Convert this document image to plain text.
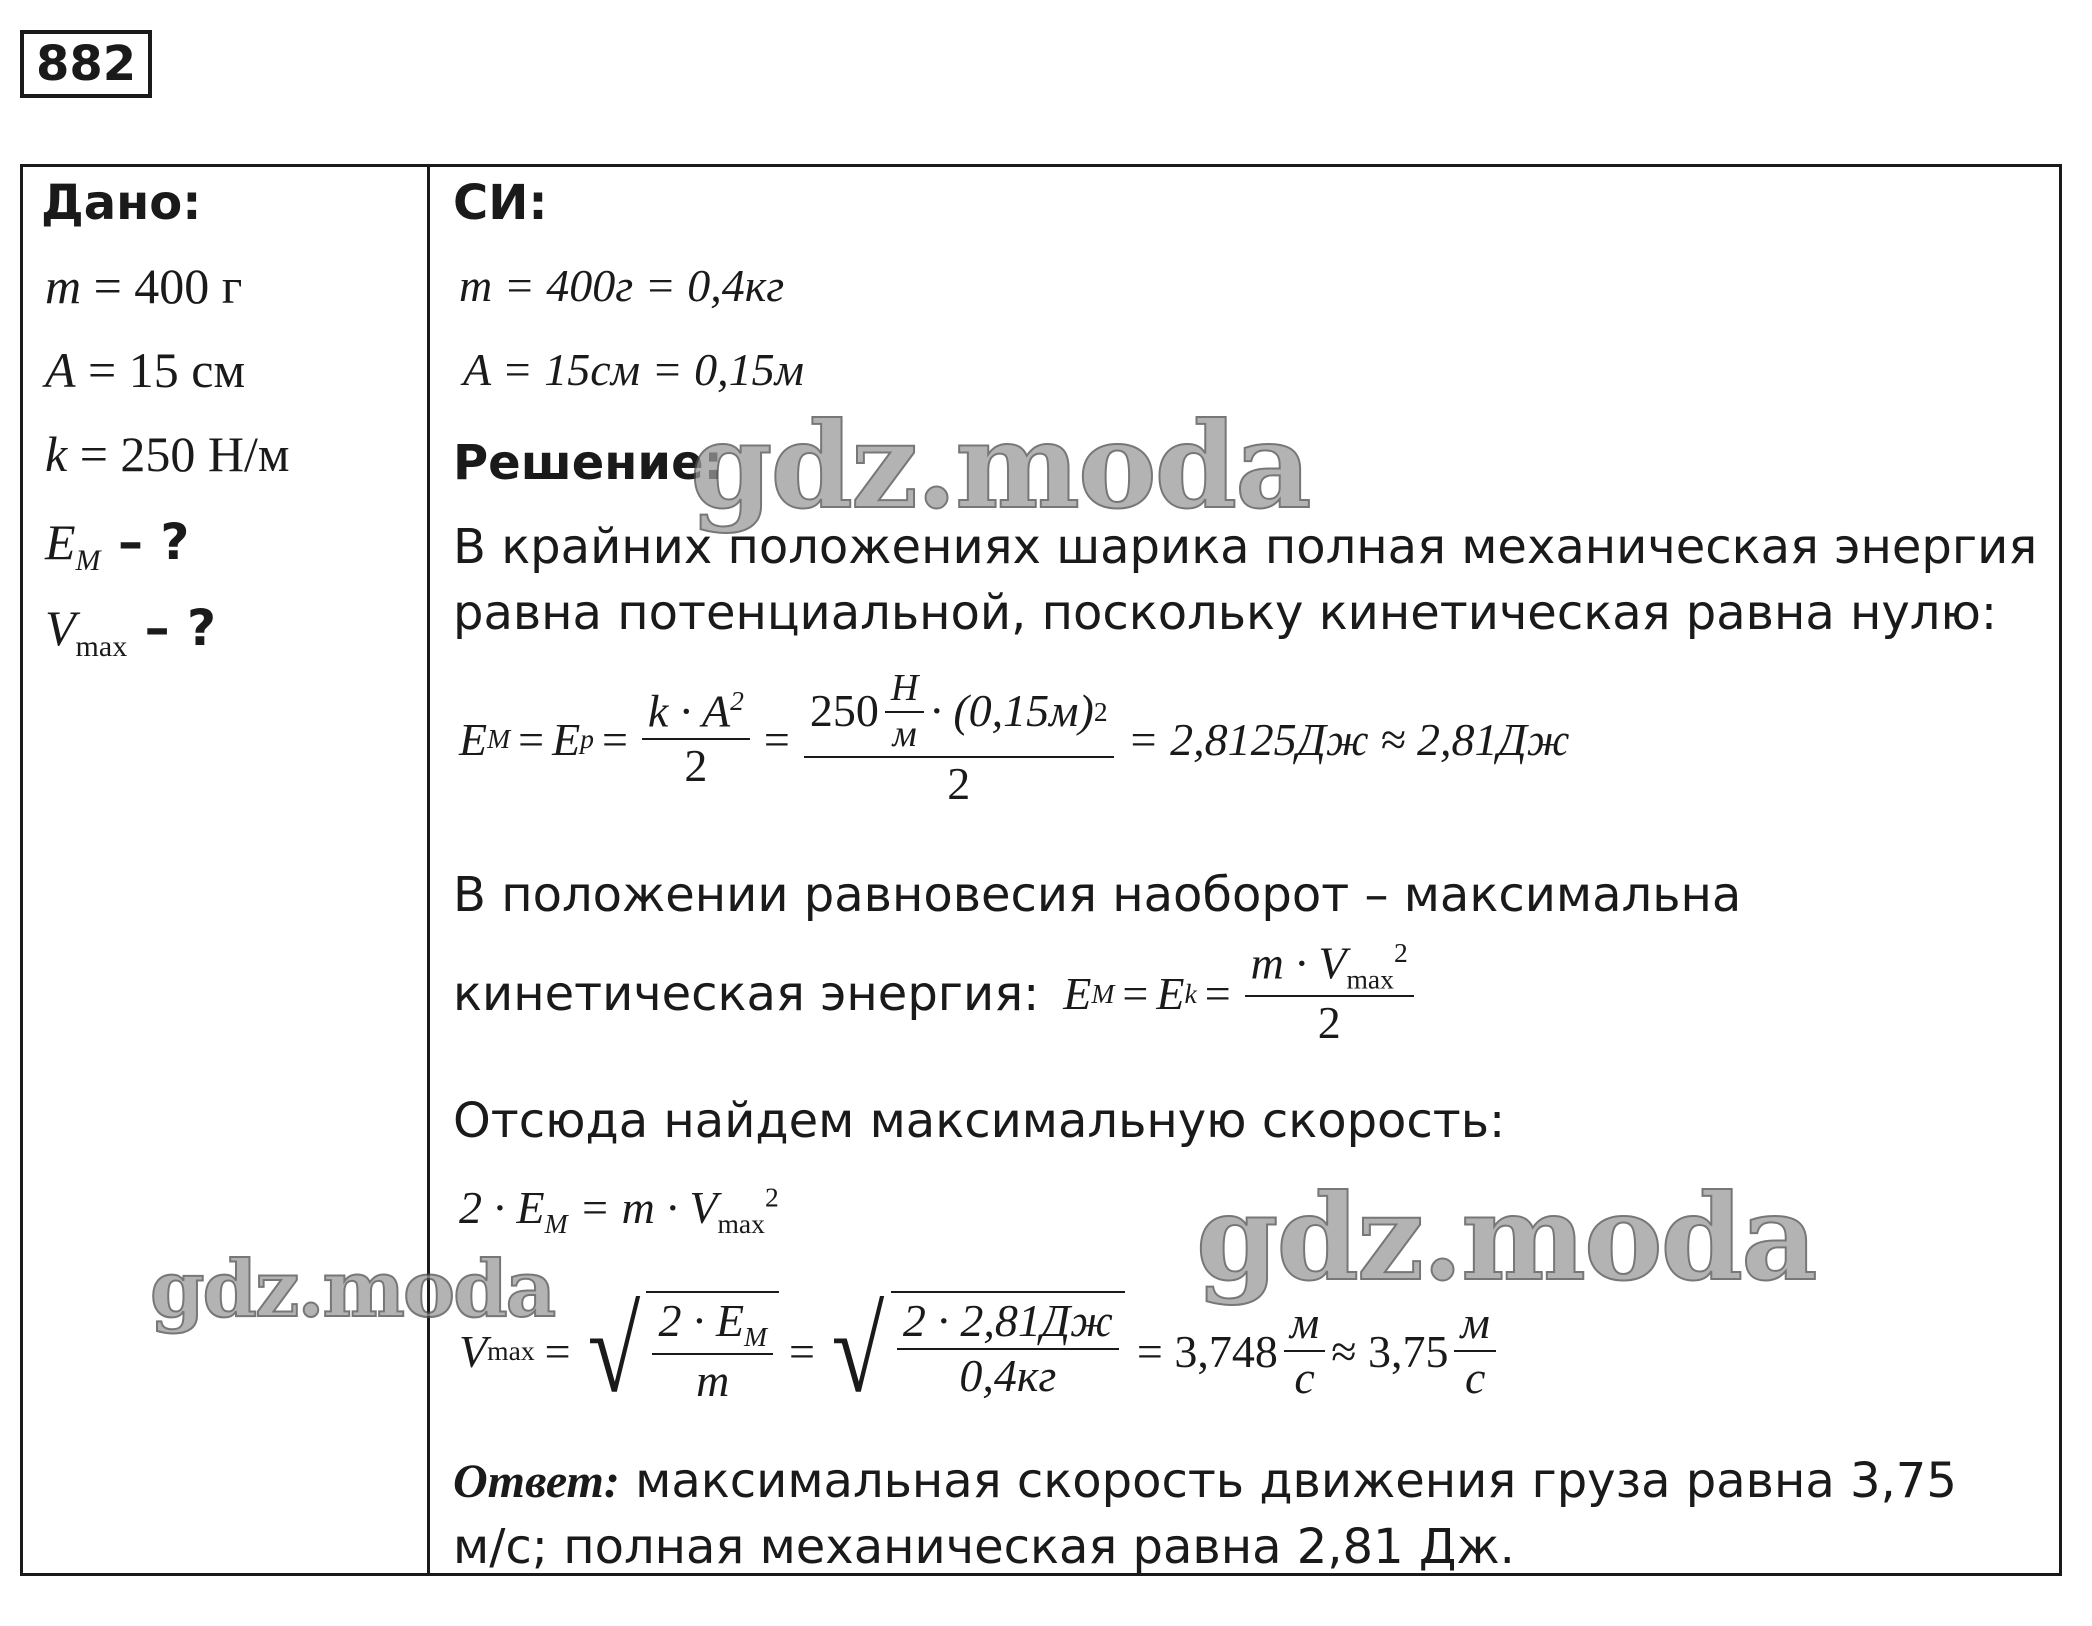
882
Дано:
m = 400 г
A = 15 см
k = 250 Н/м
$E_М$ – ?
$V_{max}$ – ?
СИ:
m = 400г = 0,4кг
A = 15см = 0,15м
Решение:
В крайних положениях шарика полная механическая энергия
равна потенциальной, поскольку кинетическая равна нулю:
E М = E $p = \frac{k \cdot A^2}{2}$ =
$250 \frac{Н}{м} \cdot (0,15м)$ 2
2
= 2,8125Дж ≈ 2,81Дж
В положении равновесия наоборот – максимальна
кинетическая энергия: E М = E $k = \frac{m \cdot V_{max}^2}{2}$
Отсюда найдем максимальную скорость:
$2 \cdot E_М = m \cdot V_{max}^2$
V max = √ $\frac{2 \cdot E_М}{m}$ = √ $\frac{2 \cdot 2,81Дж}{0,4кг} = 3,748 \frac{м}{с} \approx 3,75 \frac{м}{с}$
Ответ: максимальная скорость движения груза равна 3,75
м/с; полная механическая равна 2,81 Дж.
gdz.moda
gdz.moda
gdz.moda
